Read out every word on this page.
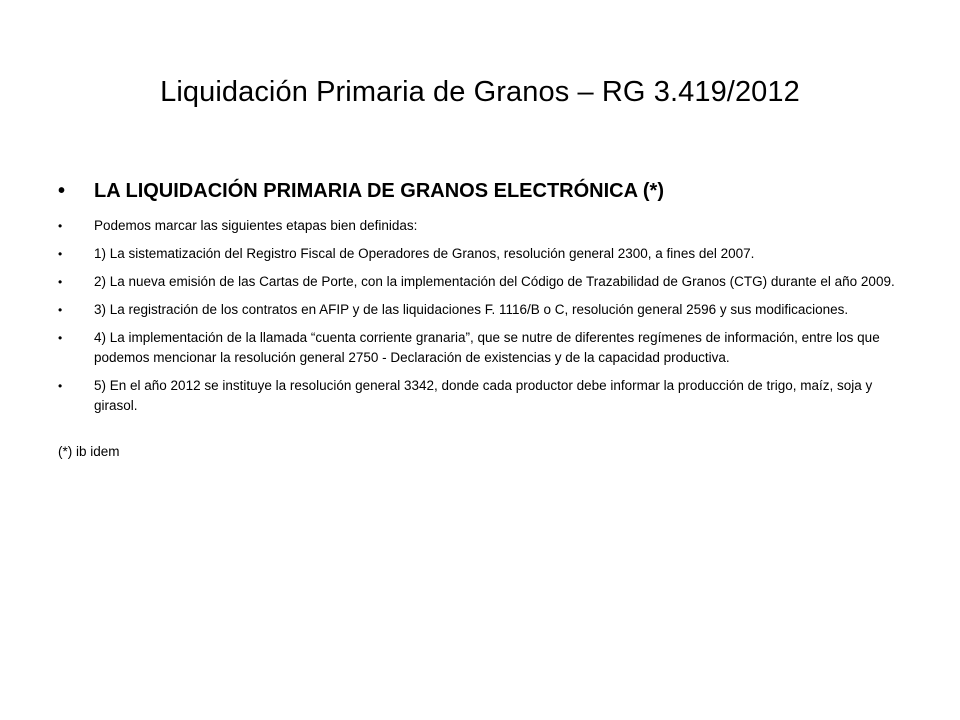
Liquidación Primaria de Granos – RG 3.419/2012
• LA LIQUIDACIÓN PRIMARIA DE GRANOS ELECTRÓNICA (*)
• Podemos marcar las siguientes etapas bien definidas:
• 1) La sistematización del Registro Fiscal de Operadores de Granos, resolución general 2300, a fines del 2007.
• 2) La nueva emisión de las Cartas de Porte, con la implementación del Código de Trazabilidad de Granos (CTG) durante el año 2009.
• 3) La registración de los contratos en AFIP y de las liquidaciones F. 1116/B o C, resolución general 2596 y sus modificaciones.
• 4) La implementación de la llamada “cuenta corriente granaria”, que se nutre de diferentes regímenes de información, entre los que podemos mencionar la resolución general 2750 - Declaración de existencias y de la capacidad productiva.
• 5) En el año 2012 se instituye la resolución general 3342, donde cada productor debe informar la producción de trigo, maíz, soja y girasol.
(*) ib idem
